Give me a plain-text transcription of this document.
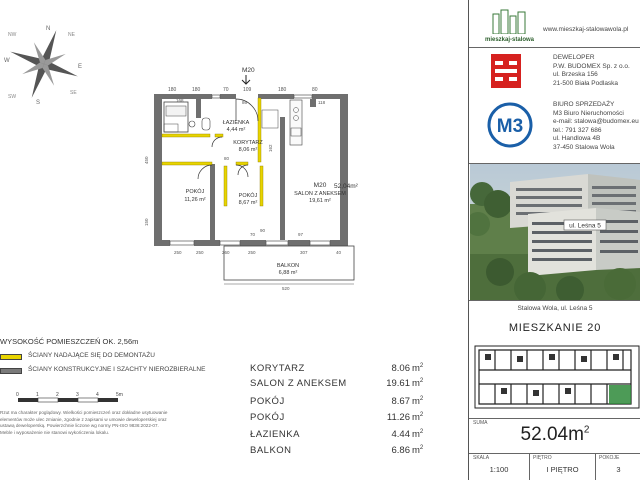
N
E
S
W
NE
SE
SW
NW
M20
180	180	70	109	180	80
450
150
168	86	118
162
80
90
70	97
250	250	260	250	307	40
520
ŁAZIENKA
4,44 m²
KORYTARZ
8,06 m²
POKÓJ
11,26 m²
POKÓJ
8,67 m²
M20 52,04m²
SALON Z ANEKSEM
19,61 m²
BALKON
6,88 m²
WYSOKOŚĆ POMIESZCZEŃ OK. 2,56m
ŚCIANY NADAJĄCE SIĘ DO DEMONTAŻU
ŚCIANY KONSTRUKCYJNE I SZACHTY NIEROZBIERALNE
0	1	2	3	4	5m
Rzut ma charakter poglądowy. Wielkości pomieszczeń oraz dokładne usytuowanie
elementów może ulec zmianie, zgodnie z zapisami w umowie deweloperskiej oraz
ustawą deweloperską. Powierzchnie liczone wg normy PN-ISO 9836:2022-07.
Meble i wyposażenie nie stanowi wykończenia lokalu.
KORYTARZ	8.06 $m^2$
SALON Z ANEKSEM	19.61 $m^2$
POKÓJ	8.67 $m^2$
POKÓJ	11.26 $m^2$
ŁAZIENKA	4.44 $m^2$
BALKON	6.86 $m^2$
mieszkaj-stalowa
www.mieszkaj-stalowawola.pl
DEWELOPER
P.W. BUDOMEX Sp. z o.o.
ul. Brzeska 156
21-500 Biała Podlaska
M3
BIURO SPRZEDAŻY
M3 Biuro Nieruchomości
e-mail: stalowa@budomex.eu
tel.: 791 327 686
ul. Handlowa 4B
37-450 Stalowa Wola
ul. Leśna 5
Stalowa Wola, ul. Leśna 5
MIESZKANIE 20
SUMA
$52.04m^2$
SKALA	PIĘTRO	POKOJE
1:100	I PIĘTRO	3
